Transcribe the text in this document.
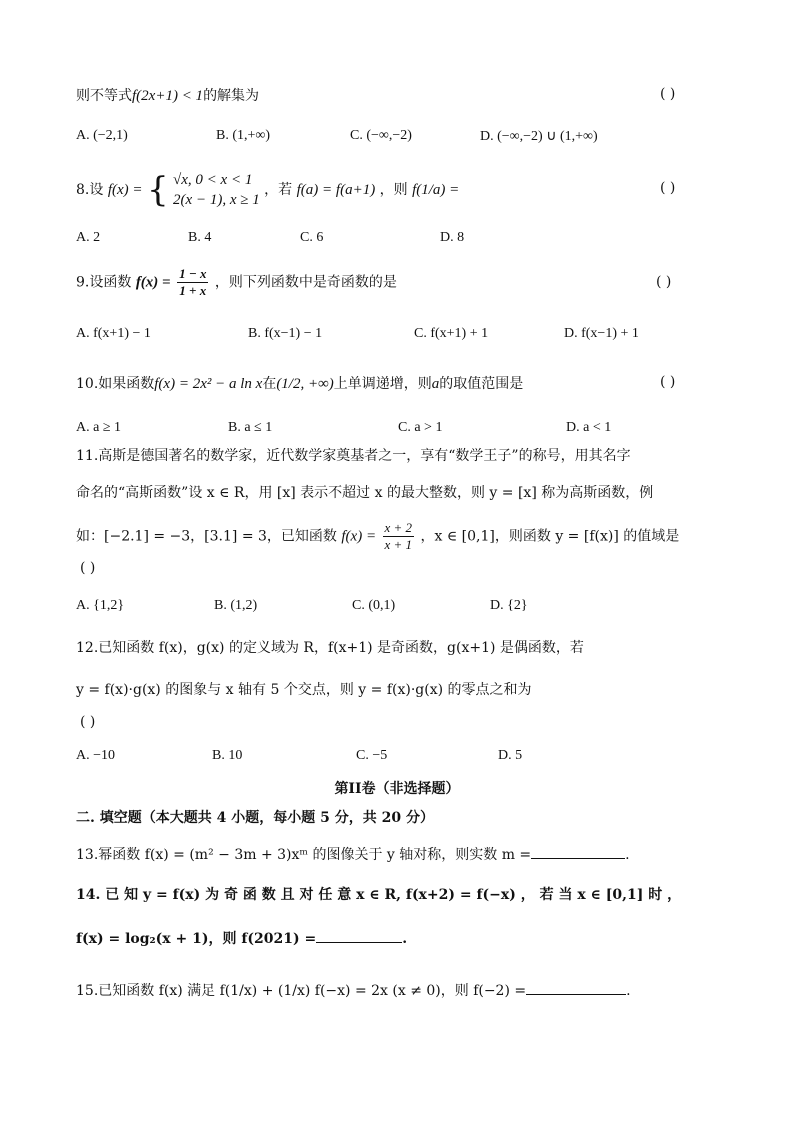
则不等式f(2x+1) < 1的解集为	( )
A. (−2,1)	B. (1,+∞)	C. (−∞,−2)	D. (−∞,−2) ∪ (1,+∞)
8.设 f(x) = { √x, 0 < x < 1
2(x − 1), x ≥ 1
，若 f(a) = f(a+1) ，则 f(1/a) =	( )
A. 2	B. 4	C. 6	D. 8
9.设函数 $f(x) = \frac{1 - x}{1 + x}$ ，则下列函数中是奇函数的是	( )
A. f(x+1) − 1	B. f(x−1) − 1	C. f(x+1) + 1	D. f(x−1) + 1
10.如果函数f(x) = 2x² − a ln x在(1/2, +∞)上单调递增，则a的取值范围是	( )
A. a ≥ 1	B. a ≤ 1	C. a > 1	D. a < 1
11.高斯是德国著名的数学家，近代数学家奠基者之一，享有“数学王子”的称号，用其名字
命名的“高斯函数”设 x ∈ R，用 [x] 表示不超过 x 的最大整数，则 y = [x] 称为高斯函数，例
如：[−2.1] = −3，[3.1] = 3，已知函数 $f(x) = \frac{x + 2}{x + 1}$ ，x ∈ [0,1]，则函数 y = [f(x)] 的值域是
( )
A. {1,2}	B. (1,2)	C. (0,1)	D. {2}
12.已知函数 f(x)，g(x) 的定义域为 R，f(x+1) 是奇函数，g(x+1) 是偶函数，若
y = f(x)·g(x) 的图象与 x 轴有 5 个交点，则 y = f(x)·g(x) 的零点之和为
( )
A. −10	B. 10	C. −5	D. 5
第II卷（非选择题）
二. 填空题（本大题共 4 小题，每小题 5 分，共 20 分）
13.幂函数 f(x) = (m² − 3m + 3)xᵐ 的图像关于 y 轴对称，则实数 m =	.
14. 已 知 y = f(x) 为 奇 函 数 且 对 任 意 x ∈ R, f(x+2) = f(−x) ， 若 当 x ∈ [0,1] 时 ，
f(x) = log₂(x + 1)，则 f(2021) =	.
15.已知函数 f(x) 满足 f(1/x) + (1/x) f(−x) = 2x (x ≠ 0)，则 f(−2) =	.
